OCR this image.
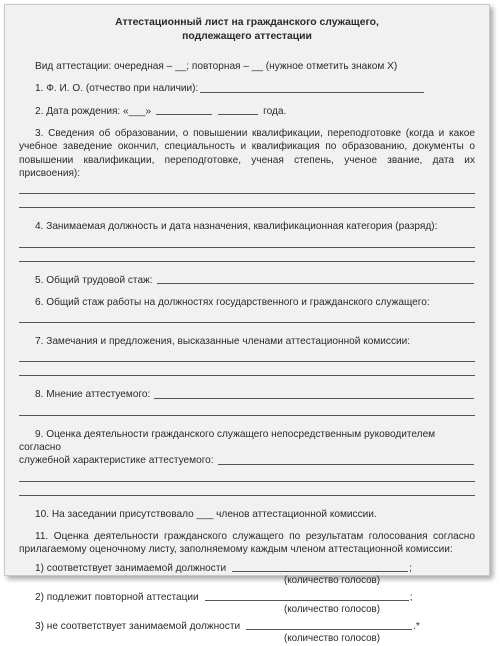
Аттестационный лист на гражданского служащего,
подлежащего аттестации

Вид аттестации: очередная – __; повторная – __ (нужное отметить знаком Х)

1. Ф. И. О. (отчество при наличии):
2. Дата рождения: «___»	года.

3. Сведения об образовании, о повышении квалификации, переподготовке (когда и какое учебное заведение окончил, специальность и квалификация по образованию, документы о повышении квалификации, переподготовке, ученая степень, ученое звание, дата их присвоения):

4. Занимаемая должность и дата назначения, квалификационная категория (разряд):

5. Общий трудовой стаж:

6. Общий стаж работы на должностях государственного и гражданского служащего:

7. Замечания и предложения, высказанные членами аттестационной комиссии:

8. Мнение аттестуемого:

9. Оценка деятельности гражданского служащего непосредственным руководителем согласно

служебной характеристике аттестуемого:

10. На заседании присутствовало ___ членов аттестационной комиссии.

11. Оценка деятельности гражданского служащего по результатам голосования согласно прилагаемому оценочному листу, заполняемому каждым членом аттестационной комиссии:

1) соответствует занимаемой должности	;
(количество голосов)
2) подлежит повторной аттестации	;
(количество голосов)
3) не соответствует занимаемой должности	.*
(количество голосов)
